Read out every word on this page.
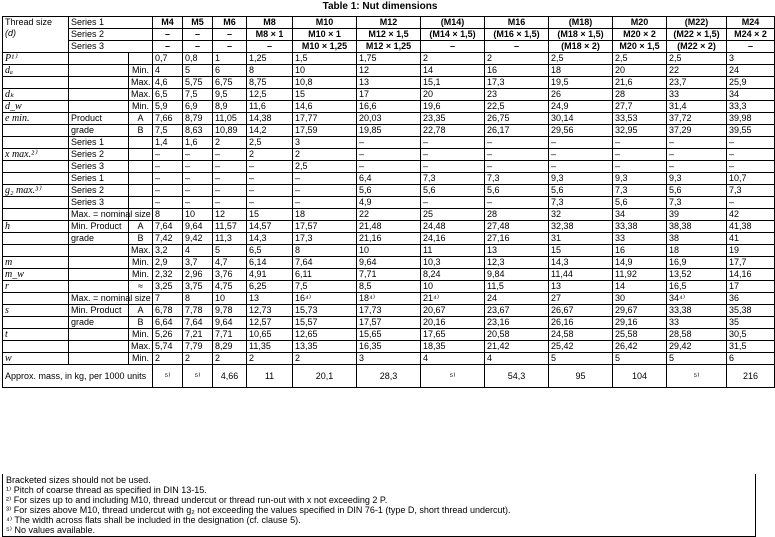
Table 1: Nut dimensions
Thread size
(d)	Series 1		M4	M5	M6	M8	M10	M12	(M14)	M16	(M18)	M20	(M22)	M24
	Series 2		–	–	–	M8 × 1	M10 × 1	M12 × 1,5	(M14 × 1,5)	(M16 × 1,5)	(M18 × 1,5)	M20 × 2	(M22 × 1,5)	M24 × 2
	Series 3		–	–	–	–	M10 × 1,25	M12 × 1,25	–	–	(M18 × 2)	M20 × 1,5	(M22 × 2)	–
P¹⁾			0,7	0,8	1	1,25	1,5	1,75	2	2	2,5	2,5	2,5	3
dₐ		Min.	4	5	6	8	10	12	14	16	18	20	22	24
		Max.	4,6	5,75	6,75	8,75	10,8	13	15,1	17,3	19,5	21,6	23,7	25,9
dₖ		Max.	6,5	7,5	9,5	12,5	15	17	20	23	26	28	33	34
d_w		Min.	5,9	6,9	8,9	11,6	14,6	16,6	19,6	22,5	24,9	27,7	31,4	33,3
e min.	Product	A	7,66	8,79	11,05	14,38	17,77	20,03	23,35	26,75	30,14	33,53	37,72	39,98
	grade	B	7,5	8,63	10,89	14,2	17,59	19,85	22,78	26,17	29,56	32,95	37,29	39,55
	Series 1		1,4	1,6	2	2,5	3	–	–	–	–	–	–	–
x max.²⁾	Series 2		–	–	–	2	2	–	–	–	–	–	–	–
	Series 3		–	–	–	–	2,5	–	–	–	–	–	–	–
	Series 1		–	–	–	–	–	6,4	7,3	7,3	9,3	9,3	9,3	10,7
g₂ max.³⁾	Series 2		–	–	–	–	–	5,6	5,6	5,6	5,6	7,3	5,6	7,3
	Series 3		–	–	–	–	–	4,9	–	–	7,3	5,6	7,3	–
	Max. = nominal size		8	10	12	15	18	22	25	28	32	34	39	42
h	Min. Product	A	7,64	9,64	11,57	14,57	17,57	21,48	24,48	27,48	32,38	33,38	38,38	41,38
	grade	B	7,42	9,42	11,3	14,3	17,3	21,16	24,16	27,16	31	33	38	41
		Max.	3,2	4	5	6,5	8	10	11	13	15	16	18	19
m		Min.	2,9	3,7	4,7	6,14	7,64	9,64	10,3	12,3	14,3	14,9	16,9	17,7
m_w		Min.	2,32	2,96	3,76	4,91	6,11	7,71	8,24	9,84	11,44	11,92	13,52	14,16
r		≈	3,25	3,75	4,75	6,25	7,5	8,5	10	11,5	13	14	16,5	17
	Max. = nominal size		7	8	10	13	16⁴⁾	18⁴⁾	21⁴⁾	24	27	30	34⁴⁾	36
s	Min. Product	A	6,78	7,78	9,78	12,73	15,73	17,73	20,67	23,67	26,67	29,67	33,38	35,38
	grade	B	6,64	7,64	9,64	12,57	15,57	17,57	20,16	23,16	26,16	29,16	33	35
t		Min.	5,26	7,21	7,71	10,65	12,65	15,65	17,65	20,58	24,58	25,58	28,58	30,5
		Max.	5,74	7,79	8,29	11,35	13,35	16,35	18,35	21,42	25,42	26,42	29,42	31,5
w		Min.	2	2	2	2	2	3	4	4	5	5	5	6
Approx. mass, in kg, per 1000 units			⁵⁾	⁵⁾	4,66	11	20,1	28,3	⁵⁾	54,3	95	104	⁵⁾	216
Bracketed sizes should not be used.
¹⁾ Pitch of coarse thread as specified in DIN 13-15.
²⁾ For sizes up to and including M10, thread undercut or thread run-out with x not exceeding 2 P.
³⁾ For sizes above M10, thread undercut with g₂ not exceeding the values specified in DIN 76-1 (type D, short thread undercut).
⁴⁾ The width across flats shall be included in the designation (cf. clause 5).
⁵⁾ No values available.
